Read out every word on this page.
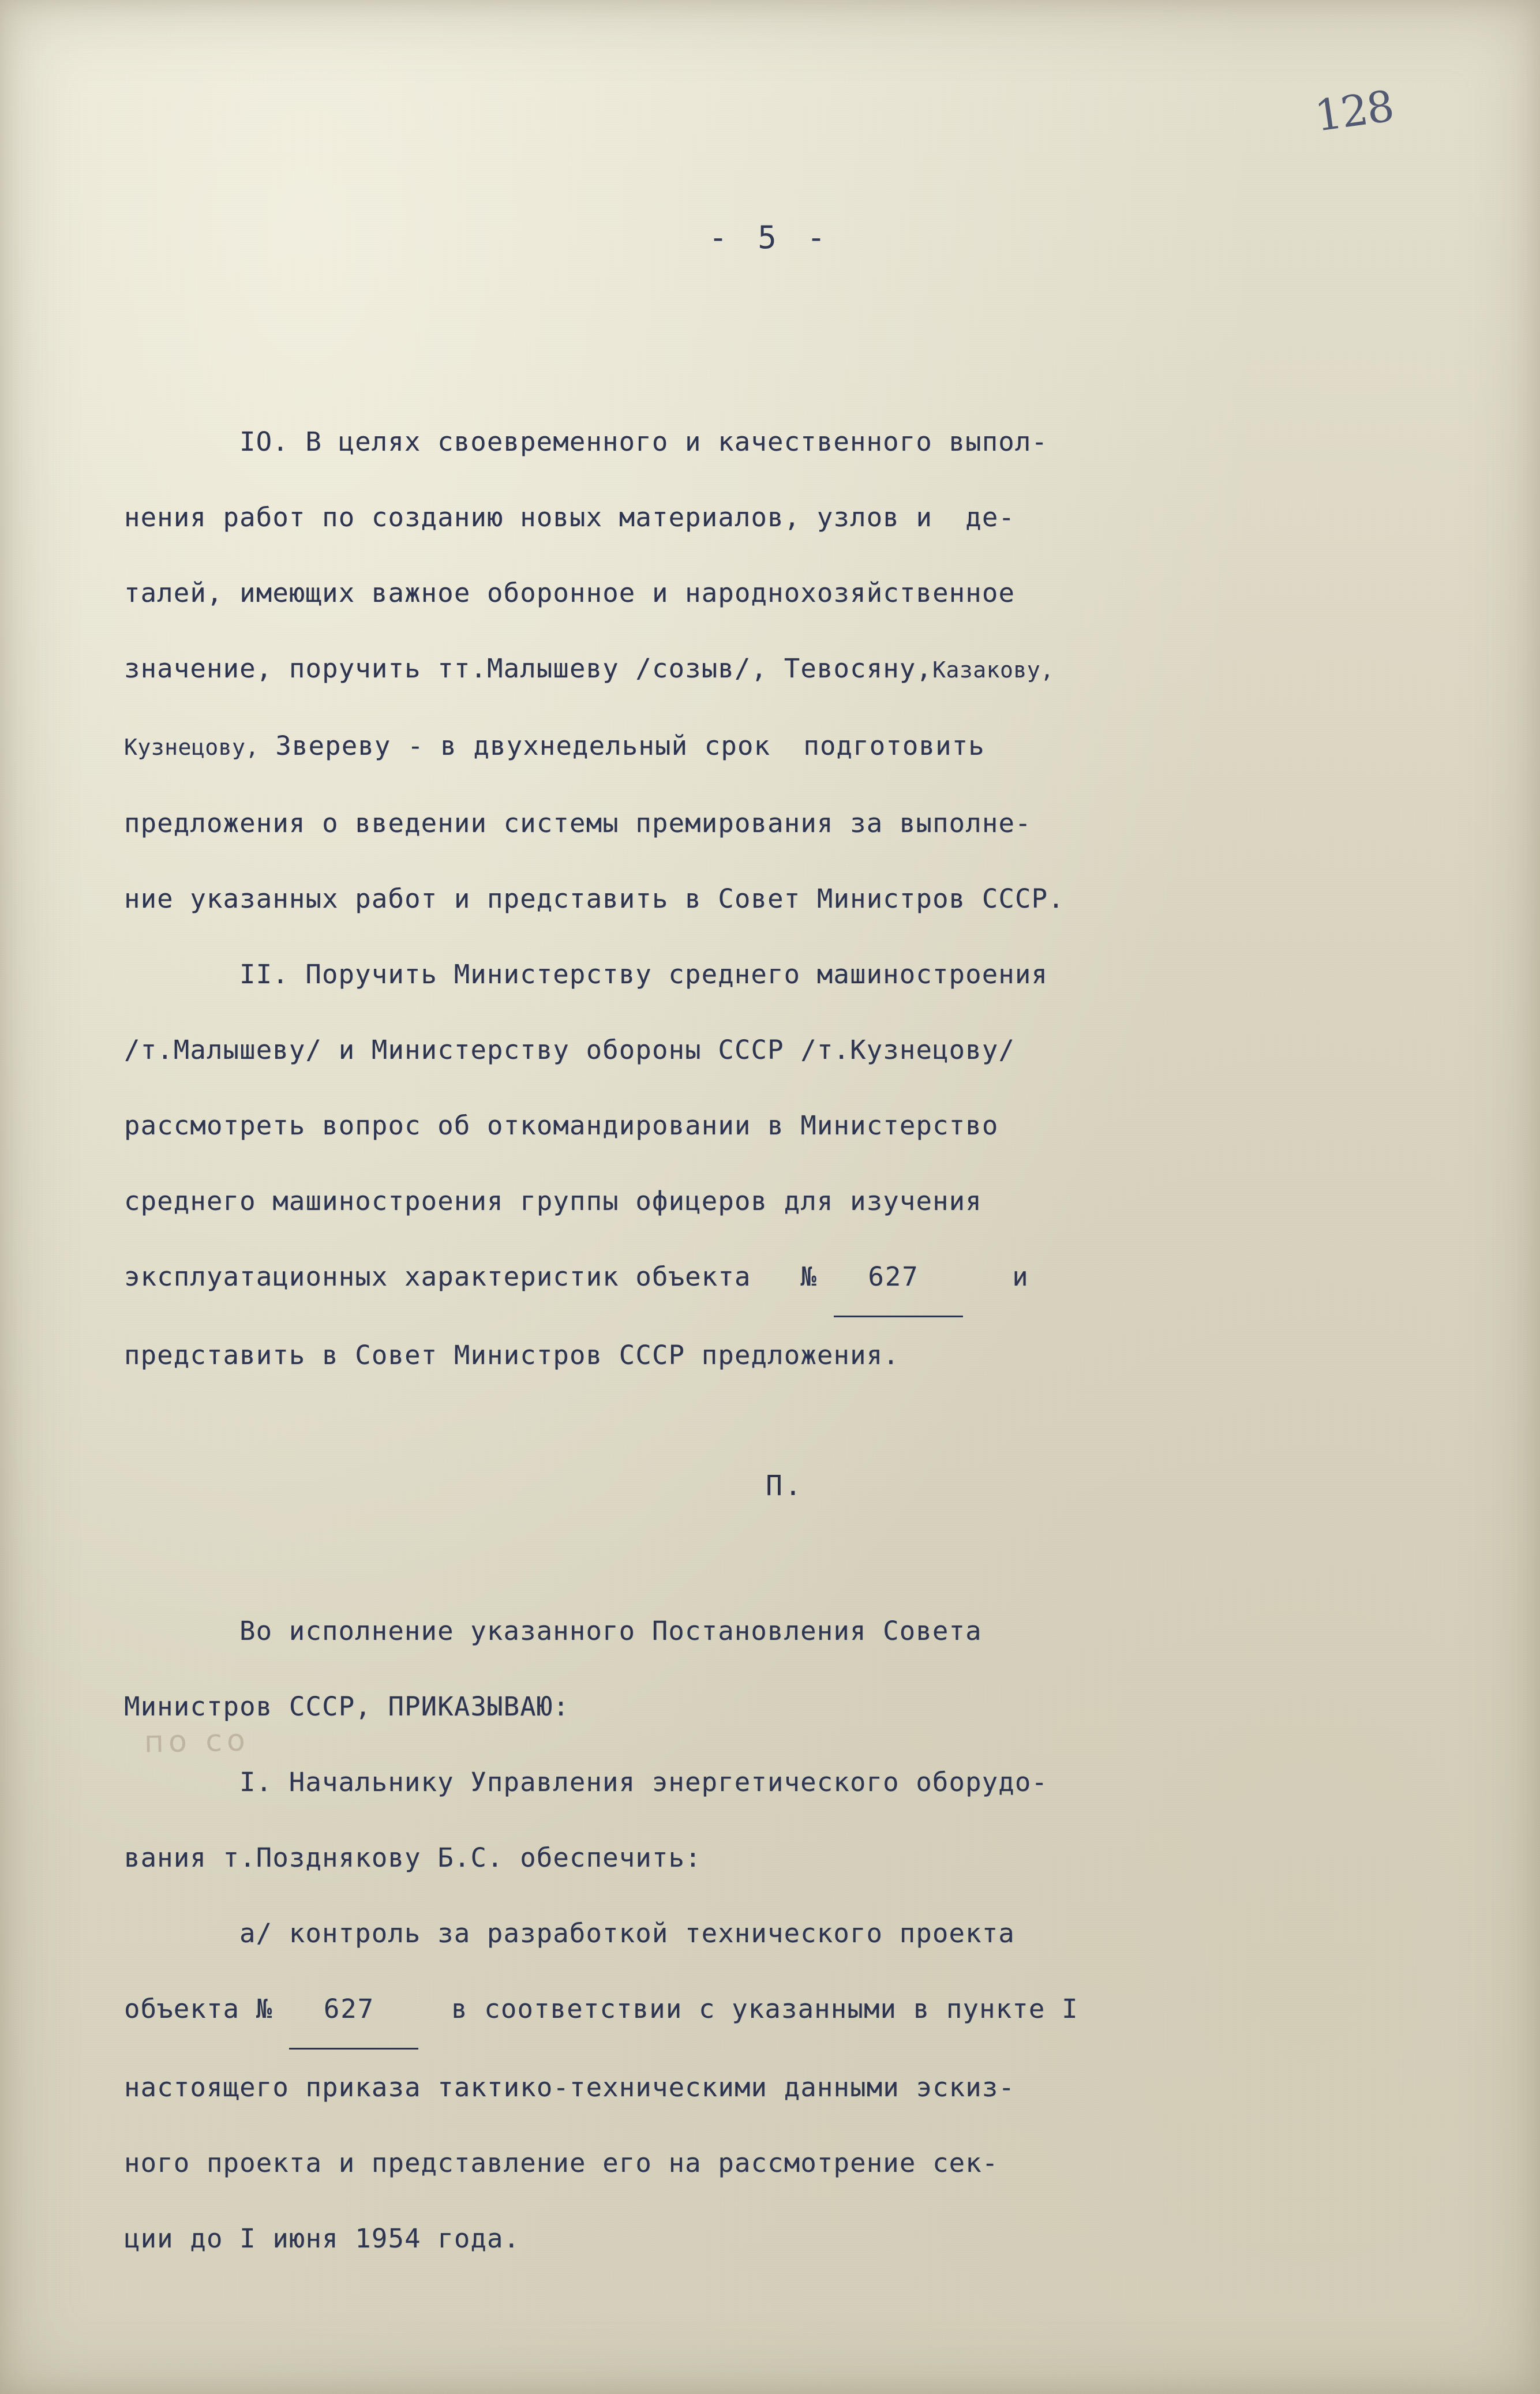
128
- 5 -
по со

IO. В целях своевременного и качественного выпол-
нения работ по созданию новых материалов, узлов и  де-
талей, имеющих важное оборонное и народнохозяйственное
значение, поручить тт.Малышеву /созыв/, Тевосяну,Казакову,
Кузнецову, Звереву - в двухнедельный срок  подготовить
предложения о введении системы премирования за выполне-
ние указанных работ и представить в Совет Министров СССР.

II. Поручить Министерству среднего машиностроения
/т.Малышеву/ и Министерству обороны СССР /т.Кузнецову/
рассмотреть вопрос об откомандировании в Министерство
среднего машиностроения группы офицеров для изучения
эксплуатационных характеристик объекта   № 627   и
представить в Совет Министров СССР предложения.

П.

Во исполнение указанного Постановления Совета
Министров СССР, ПРИКАЗЫВАЮ:

I. Начальнику Управления энергетического оборудо-
вания т.Позднякову Б.С. обеспечить:

а/ контроль за разработкой технического проекта
объекта № 627  в соответствии с указанными в пункте I
настоящего приказа тактико-техническими данными эскиз-
ного проекта и представление его на рассмотрение сек-
ции до I июня 1954 года.
